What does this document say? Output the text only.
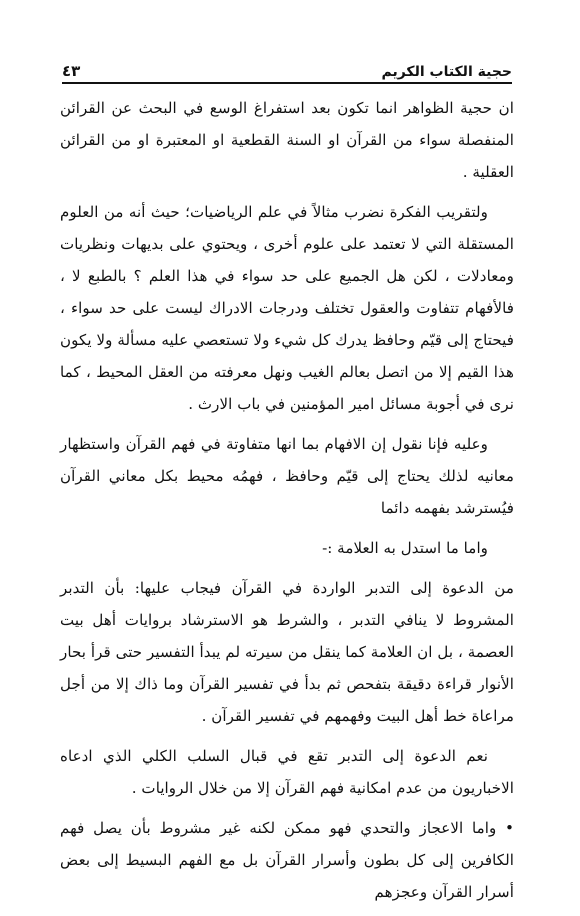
٤٣	حجية الكتاب الكريم

ان حجية الظواهر انما تكون بعد استفراغ الوسع في البحث عن القرائن المنفصلة سواء من القرآن او السنة القطعية او المعتبرة او من القرائن العقلية .

ولتقريب الفكرة نضرب مثالاً في علم الرياضيات؛ حيث أنه من العلوم المستقلة التي لا تعتمد على علوم أخرى ، ويحتوي على بديهات ونظريات ومعادلات ، لكن هل الجميع على حد سواء في هذا العلم ؟ بالطبع لا ، فالأفهام تتفاوت والعقول تختلف ودرجات الادراك ليست على حد سواء ، فيحتاج إلى قيّم وحافظ يدرك كل شيء ولا تستعصي عليه مسألة ولا يكون هذا القيم إلا من اتصل بعالم الغيب ونهل معرفته من العقل المحيط ، كما نرى في أجوبة مسائل امير المؤمنين في باب الارث .

وعليه فإنا نقول إن الافهام بما انها متفاوتة في فهم القرآن واستظهار معانيه لذلك يحتاج إلى قيّم وحافظ ، فهمُه محيط بكل معاني القرآن فيُسترشد بفهمه دائما

واما ما استدل به العلامة :-

من الدعوة إلى التدبر الواردة في القرآن فيجاب عليها: بأن التدبر المشروط لا ينافي التدبر ، والشرط هو الاسترشاد بروايات أهل بيت العصمة ، بل ان العلامة كما ينقل من سيرته لم يبدأ التفسير حتى قرأ بحار الأنوار قراءة دقيقة بتفحص ثم بدأ في تفسير القرآن وما ذاك إلا من أجل مراعاة خط أهل البيت وفهمهم في تفسير القرآن .

نعم الدعوة إلى التدبر تقع في قبال السلب الكلي الذي ادعاه الاخباريون من عدم امكانية فهم القرآن إلا من خلال الروايات .

• واما الاعجاز والتحدي فهو ممكن لكنه غير مشروط بأن يصل فهم الكافرين إلى كل بطون وأسرار القرآن بل مع الفهم البسيط إلى بعض أسرار القرآن وعجزهم
